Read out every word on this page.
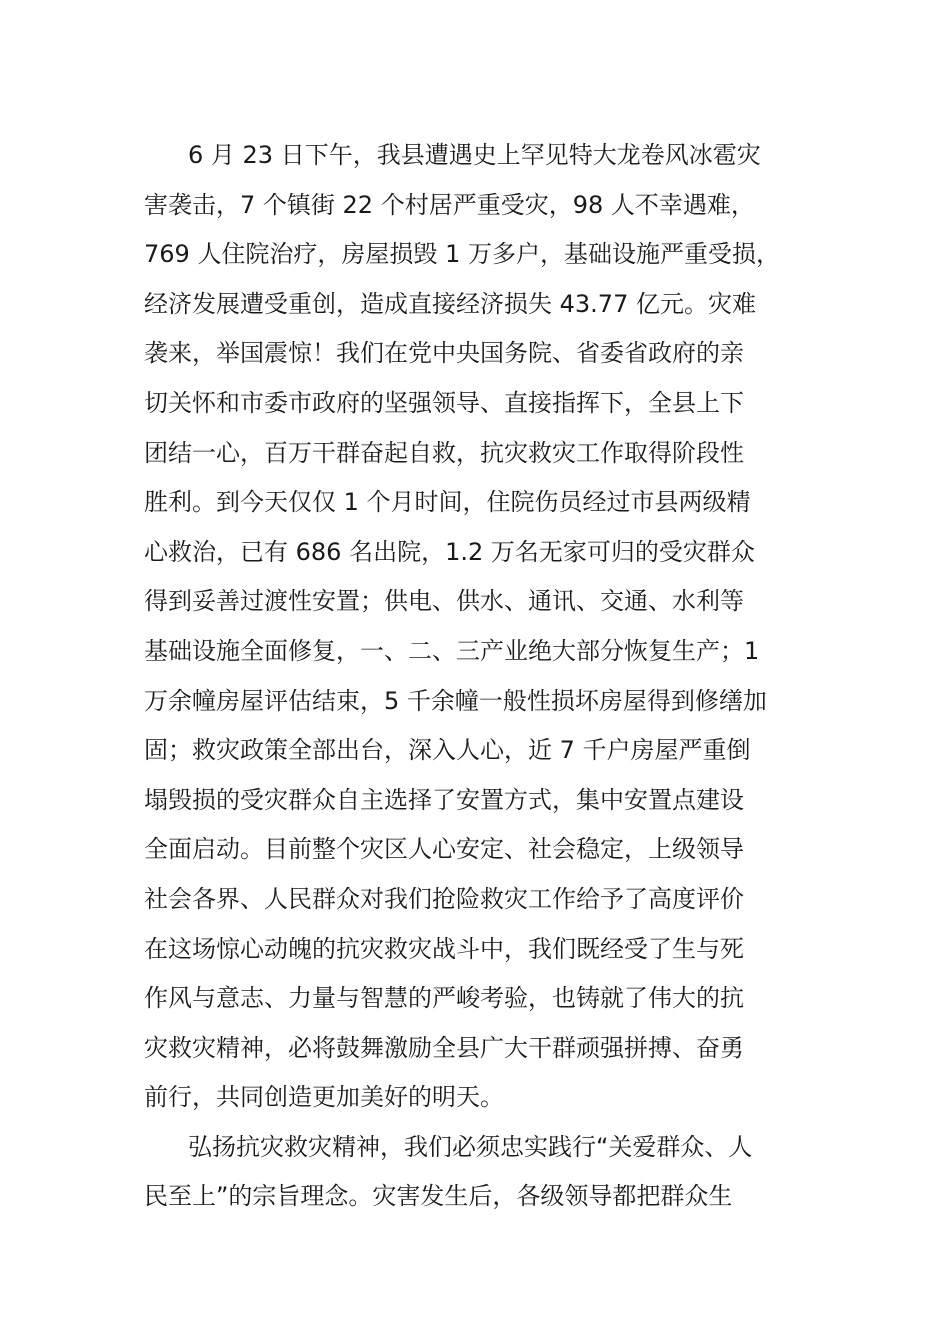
6 月 23 日下午，我县遭遇史上罕见特大龙卷风冰雹灾
害袭击，7 个镇街 22 个村居严重受灾，98 人不幸遇难，
769 人住院治疗，房屋损毁 1 万多户，基础设施严重受损，
经济发展遭受重创，造成直接经济损失 43.77 亿元。灾难
袭来，举国震惊！我们在党中央国务院、省委省政府的亲
切关怀和市委市政府的坚强领导、直接指挥下，全县上下
团结一心，百万干群奋起自救，抗灾救灾工作取得阶段性
胜利。到今天仅仅 1 个月时间，住院伤员经过市县两级精
心救治，已有 686 名出院，1.2 万名无家可归的受灾群众
得到妥善过渡性安置；供电、供水、通讯、交通、水利等
基础设施全面修复，一、二、三产业绝大部分恢复生产；1
万余幢房屋评估结束，5 千余幢一般性损坏房屋得到修缮加
固；救灾政策全部出台，深入人心，近 7 千户房屋严重倒
塌毁损的受灾群众自主选择了安置方式，集中安置点建设
全面启动。目前整个灾区人心安定、社会稳定，上级领导
社会各界、人民群众对我们抢险救灾工作给予了高度评价
在这场惊心动魄的抗灾救灾战斗中，我们既经受了生与死
作风与意志、力量与智慧的严峻考验，也铸就了伟大的抗
灾救灾精神，必将鼓舞激励全县广大干群顽强拼搏、奋勇
前行，共同创造更加美好的明天。
弘扬抗灾救灾精神，我们必须忠实践行“关爱群众、人
民至上”的宗旨理念。灾害发生后，各级领导都把群众生
